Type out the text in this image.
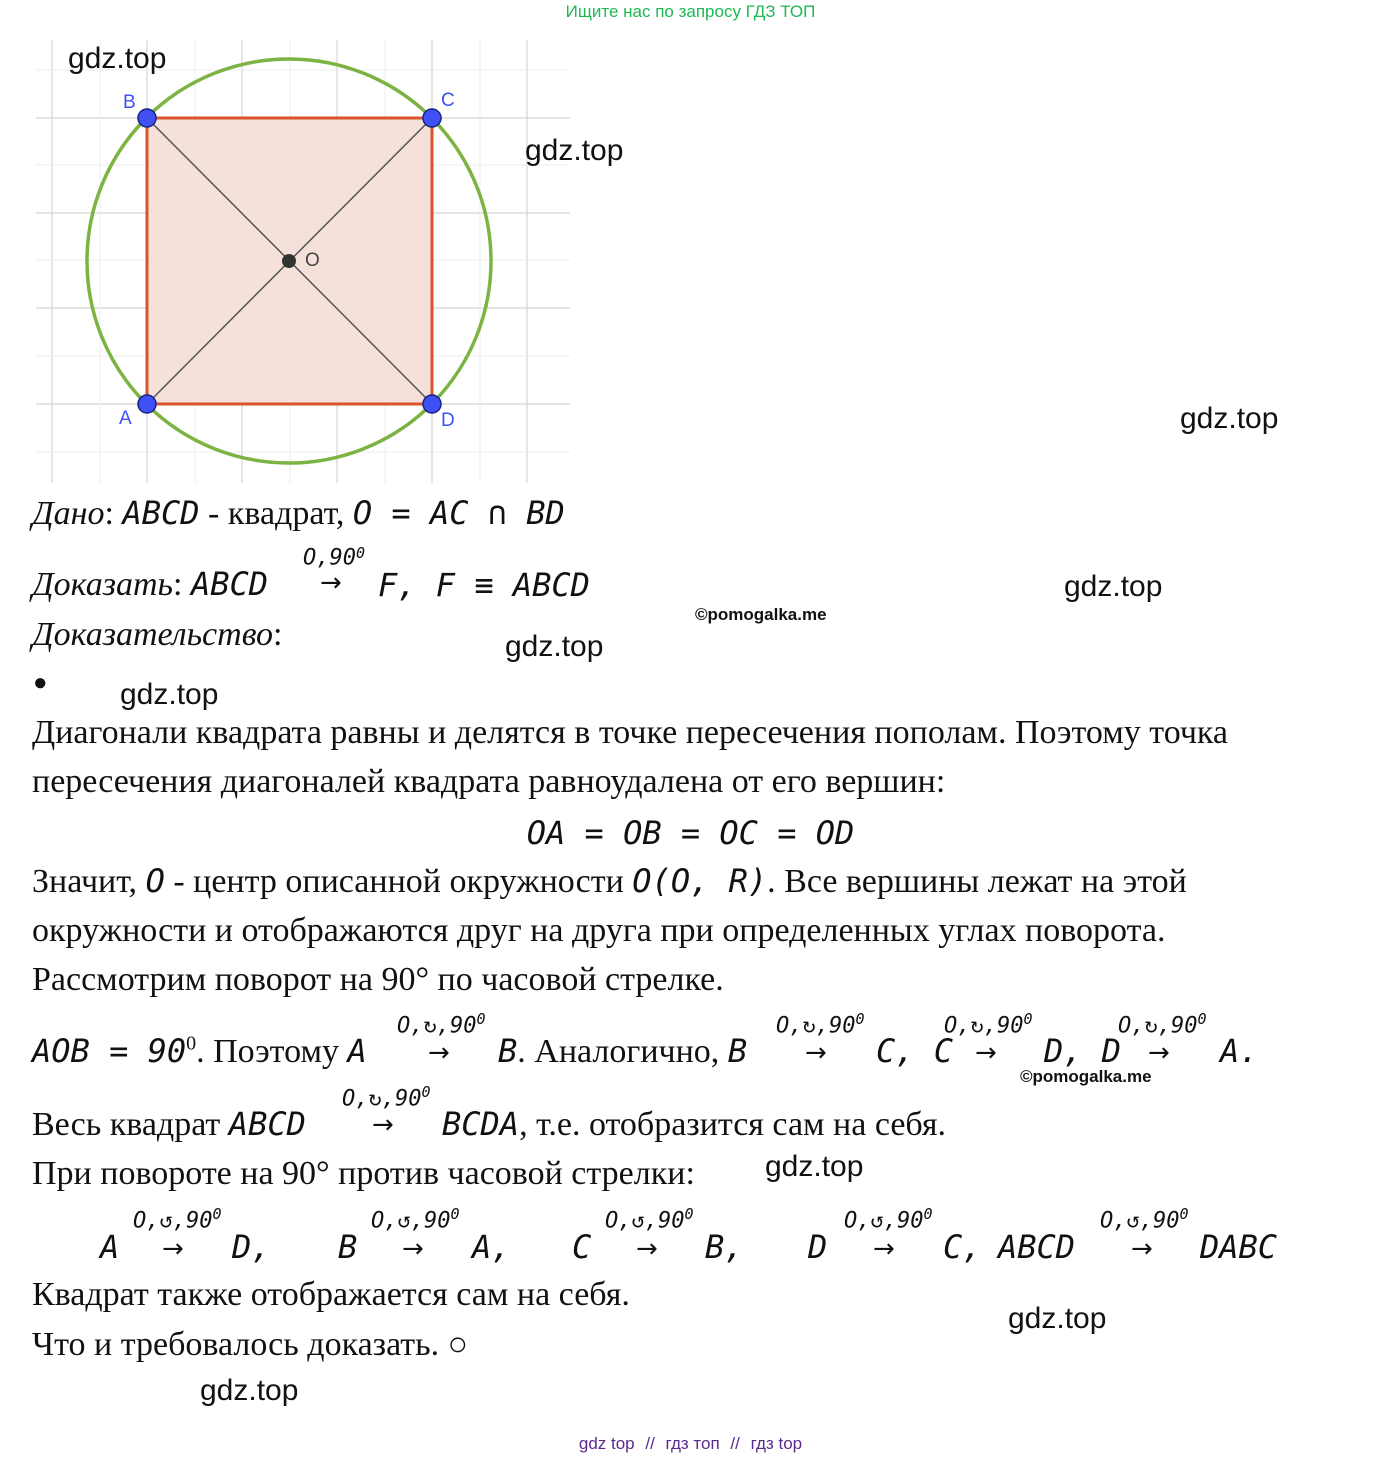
Ищите нас по запросу ГДЗ ТОП
B	C
A	D
O
gdz.top
gdz.top
gdz.top
gdz.top
gdz.top
gdz.top
gdz.top
gdz.top
gdz.top
©pomogalka.me
©pomogalka.me
Дано: ABCD - квадрат, O = AC ∩ BD
Доказать: ABCD
$O,90^0$
→ F, F ≡ ABCD
Доказательство:
●
Диагонали квадрата равны и делятся в точке пересечения пополам. Поэтому точка
пересечения диагоналей квадрата равноудалена от его вершин:
OA = OB = OC = OD
Значит, O - центр описанной окружности O(O, R). Все вершины лежат на этой
окружности и отображаются друг на друга при определенных углах поворота.
Рассмотрим поворот на 90° по часовой стрелке.
AOB = $90^0$. Поэтому A
$O,↻,90^0$
→ B. Аналогично, B
$O,↻,90^0$
→ C, C
$O,↻,90^0$
→ D, D
$O,↻,90^0$
→ A.
Весь квадрат ABCD
$O,↻,90^0$
→ BCDA, т.е. отобразится сам на себя.
При повороте на 90° против часовой стрелки:
A
$O,↺,90^0$
→ D, B
$O,↺,90^0$
→ A, C
$O,↺,90^0$
→ B, D
$O,↺,90^0$
→ C, ABCD
$O,↺,90^0$
→ DABC
Квадрат также отображается сам на себя.
Что и требовалось доказать. ○
gdz top // гдз топ // гдз top
